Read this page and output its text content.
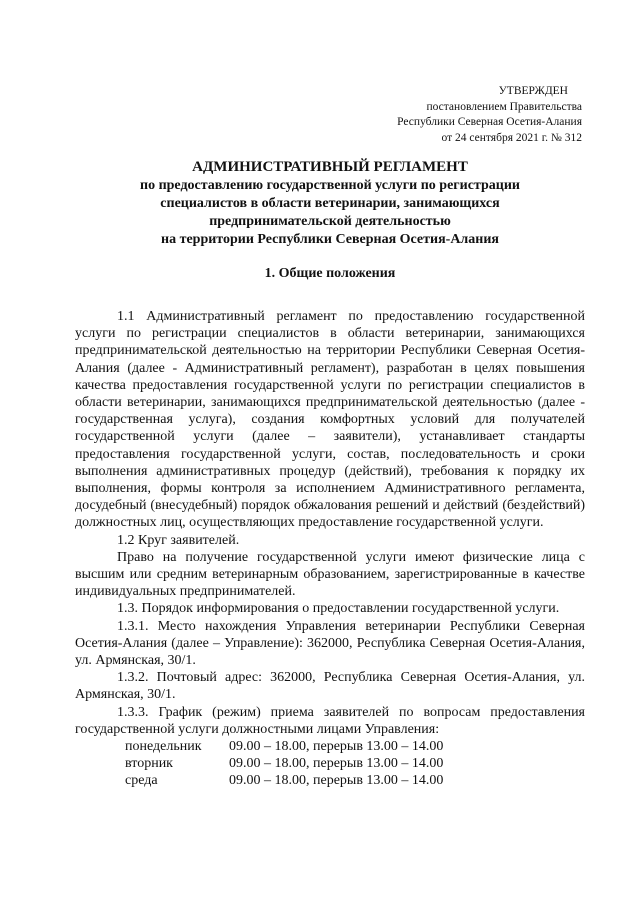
УТВЕРЖДЕН
постановлением Правительства
Республики Северная Осетия-Алания
от 24 сентября 2021 г. № 312
АДМИНИСТРАТИВНЫЙ РЕГЛАМЕНТ
по предоставлению государственной услуги по регистрации
специалистов в области ветеринарии, занимающихся
предпринимательской деятельностью
на территории Республики Северная Осетия-Алания
1. Общие положения

1.1 Административный регламент по предоставлению государственной услуги по регистрации специалистов в области ветеринарии, занимающихся предпринимательской деятельностью на территории Республики Северная Осетия-Алания (далее - Административный регламент), разработан в целях повышения качества предоставления государственной услуги по регистрации специалистов в области ветеринарии, занимающихся предпринимательской деятельностью (далее - государственная услуга), создания комфортных условий для получателей государственной услуги (далее – заявители), устанавливает стандарты предоставления государственной услуги, состав, последовательность и сроки выполнения административных процедур (действий), требования к порядку их выполнения, формы контроля за исполнением Административного регламента, досудебный (внесудебный) порядок обжалования решений и действий (бездействий) должностных лиц, осуществляющих предоставление государственной услуги.

1.2 Круг заявителей.

Право на получение государственной услуги имеют физические лица с высшим или средним ветеринарным образованием, зарегистрированные в качестве индивидуальных предпринимателей.

1.3. Порядок информирования о предоставлении государственной услуги.

1.3.1. Место нахождения Управления ветеринарии Республики Северная Осетия-Алания (далее – Управление): 362000, Республика Северная Осетия-Алания, ул. Армянская, 30/1.

1.3.2. Почтовый адрес: 362000, Республика Северная Осетия-Алания, ул. Армянская, 30/1.

1.3.3. График (режим) приема заявителей по вопросам предоставления государственной услуги должностными лицами Управления:

понедельник	09.00 – 18.00, перерыв 13.00 – 14.00
вторник	09.00 – 18.00, перерыв 13.00 – 14.00
среда	09.00 – 18.00, перерыв 13.00 – 14.00
